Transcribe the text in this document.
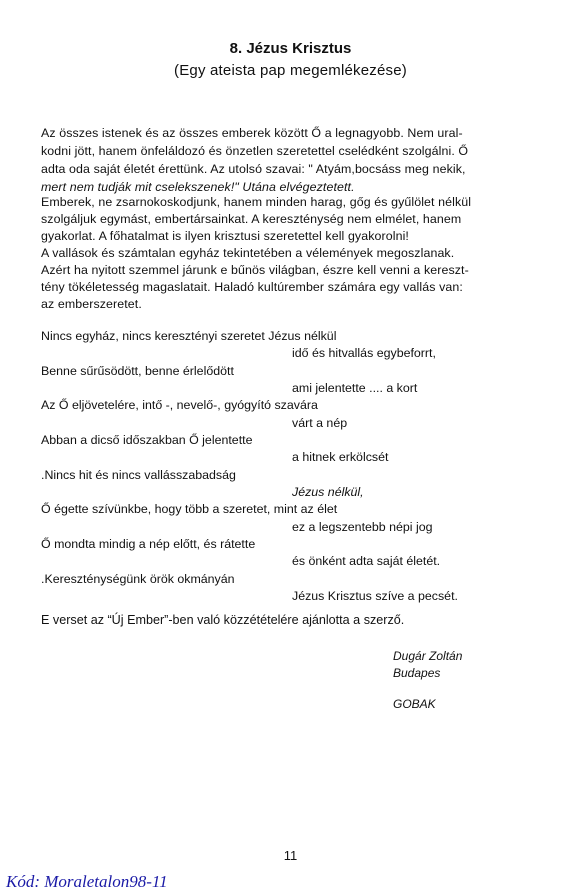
8. Jézus Krisztus
(Egy ateista pap megemlékezése)
Az összes istenek és az összes emberek között Ő a legnagyobb. Nem ural-
kodni jött, hanem önfeláldozó és önzetlen szeretettel cselédként szolgálni. Ő
adta oda saját életét érettünk. Az utolsó szavai: " Atyám,bocsáss meg nekik,
mert nem tudják mit cselekszenek!" Utána elvégeztetett.
Emberek, ne zsarnokoskodjunk, hanem minden harag, gőg és gyűlölet nélkül
szolgáljuk egymást, embertársainkat. A kereszténység nem elmélet, hanem
gyakorlat. A főhatalmat is ilyen krisztusi szeretettel kell gyakorolni!
A vallások és számtalan egyház tekintetében a vélemények megoszlanak.
Azért ha nyitott szemmel járunk e bűnös világban, észre kell venni a kereszt-
tény tökéletesség magaslatait. Haladó kultúrember számára egy vallás van:
az emberszeretet.
Nincs egyház, nincs keresztényi szeretet Jézus nélkül
idő és hitvallás egybeforrt,
Benne sűrűsödött, benne érlelődött
ami jelentette .... a kort
Az Ő eljövetelére, intő -, nevelő-, gyógyító szavára
várt a nép
Abban a dicső időszakban Ő jelentette
a hitnek erkölcsét
.Nincs hit és nincs vallásszabadság
Jézus nélkül,
Ő égette szívünkbe, hogy több a szeretet, mint az élet
ez a legszentebb népi jog
Ő mondta mindig a nép előtt, és rátette
és önként adta saját életét.
.Kereszténységünk örök okmányán
Jézus Krisztus szíve a pecsét.
E verset az “Új Ember”-ben való közzétételére ajánlotta a szerző.
Dugár Zoltán
Budapes
GOBAK
11
Kód: Moraletalon98-11
